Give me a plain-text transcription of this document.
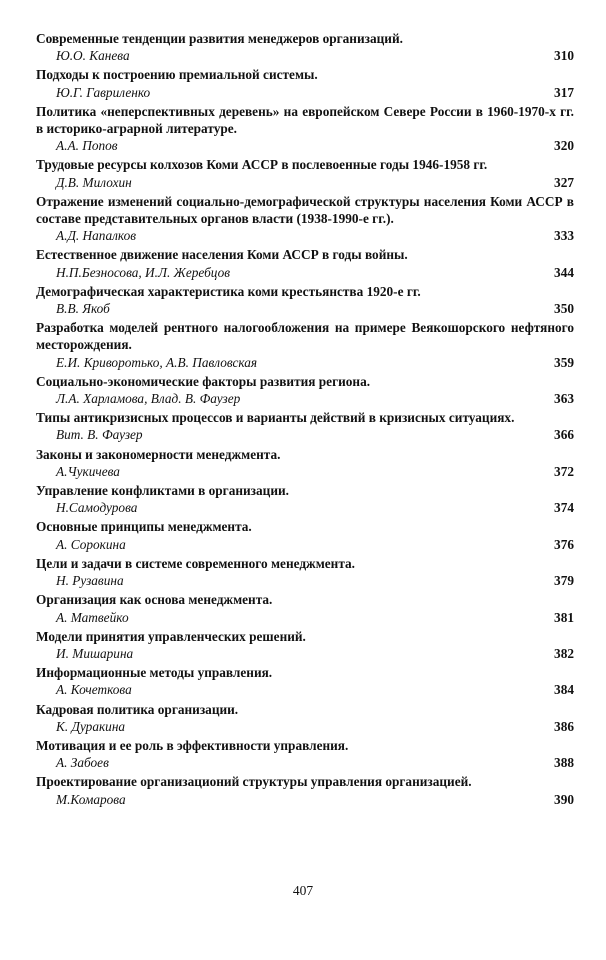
Современные тенденции развития менеджеров организаций.
Ю.О. Канева	310
Подходы к построению премиальной системы.
Ю.Г. Гавриленко	317
Политика «неперспективных деревень» на европейском Севере России в 1960-1970-х гг. в историко-аграрной литературе.
А.А. Попов	320
Трудовые ресурсы колхозов Коми АССР в послевоенные годы 1946-1958 гг.
Д.В. Милохин	327
Отражение изменений социально-демографической структуры населения Коми АССР в составе представительных органов власти (1938-1990-е гг.).
А.Д. Напалков	333
Естественное движение населения Коми АССР в годы войны.
Н.П.Безносова, И.Л. Жеребцов	344
Демографическая характеристика коми крестьянства 1920-е гг.
В.В. Якоб	350
Разработка моделей рентного налогообложения на примере Веякошорского нефтяного месторождения.
Е.И. Криворотько, А.В. Павловская	359
Социально-экономические факторы развития региона.
Л.А. Харламова, Влад. В. Фаузер	363
Типы антикризисных процессов и варианты действий в кризисных ситуациях.
Вит. В. Фаузер	366
Законы и закономерности менеджмента.
А.Чукичева	372
Управление конфликтами в организации.
Н.Самодурова	374
Основные принципы менеджмента.
А. Сорокина	376
Цели и задачи в системе современного менеджмента.
Н. Рузавина	379
Организация как основа менеджмента.
А. Матвейко	381
Модели принятия управленческих решений.
И. Мишарина	382
Информационные методы управления.
А. Кочеткова	384
Кадровая политика организации.
К. Дуракина	386
Мотивация и ее роль в эффективности управления.
А. Забоев	388
Проектирование организационий структуры управления организацией.
М.Комарова	390
407
